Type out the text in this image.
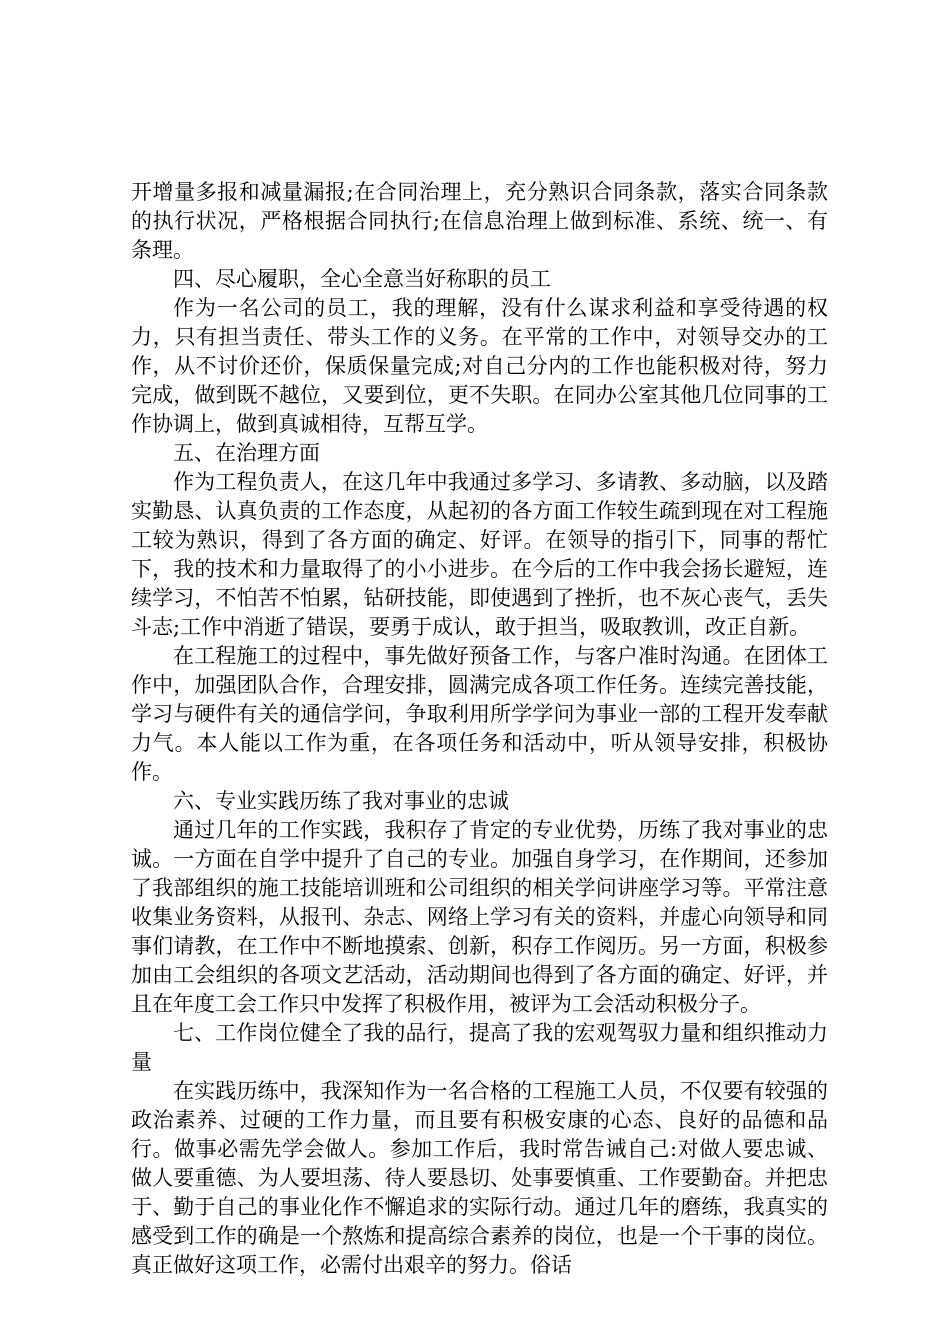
开增量多报和减量漏报;在合同治理上，充分熟识合同条款，落实合同条款的执行状况，严格根据合同执行;在信息治理上做到标准、系统、统一、有条理。

四、尽心履职，全心全意当好称职的员工

作为一名公司的员工，我的理解，没有什么谋求利益和享受待遇的权力，只有担当责任、带头工作的义务。在平常的工作中，对领导交办的工作，从不讨价还价，保质保量完成;对自己分内的工作也能积极对待，努力完成，做到既不越位，又要到位，更不失职。在同办公室其他几位同事的工作协调上，做到真诚相待，互帮互学。

五、在治理方面

作为工程负责人，在这几年中我通过多学习、多请教、多动脑，以及踏实勤恳、认真负责的工作态度，从起初的各方面工作较生疏到现在对工程施工较为熟识，得到了各方面的确定、好评。在领导的指引下，同事的帮忙下，我的技术和力量取得了的小小进步。在今后的工作中我会扬长避短，连续学习，不怕苦不怕累，钻研技能，即使遇到了挫折，也不灰心丧气，丢失斗志;工作中消逝了错误，要勇于成认，敢于担当，吸取教训，改正自新。

在工程施工的过程中，事先做好预备工作，与客户准时沟通。在团体工作中，加强团队合作，合理安排，圆满完成各项工作任务。连续完善技能，学习与硬件有关的通信学问，争取利用所学学问为事业一部的工程开发奉献力气。本人能以工作为重，在各项任务和活动中，听从领导安排，积极协作。

六、专业实践历练了我对事业的忠诚

通过几年的工作实践，我积存了肯定的专业优势，历练了我对事业的忠诚。一方面在自学中提升了自己的专业。加强自身学习，在作期间，还参加了我部组织的施工技能培训班和公司组织的相关学问讲座学习等。平常注意收集业务资料，从报刊、杂志、网络上学习有关的资料，并虚心向领导和同事们请教，在工作中不断地摸索、创新，积存工作阅历。另一方面，积极参加由工会组织的各项文艺活动，活动期间也得到了各方面的确定、好评，并且在年度工会工作只中发挥了积极作用，被评为工会活动积极分子。

七、工作岗位健全了我的品行，提高了我的宏观驾驭力量和组织推动力量

在实践历练中，我深知作为一名合格的工程施工人员，不仅要有较强的政治素养、过硬的工作力量，而且要有积极安康的心态、良好的品德和品行。做事必需先学会做人。参加工作后，我时常告诫自己:对做人要忠诚、做人要重德、为人要坦荡、待人要恳切、处事要慎重、工作要勤奋。并把忠于、勤于自己的事业化作不懈追求的实际行动。通过几年的磨练，我真实的感受到工作的确是一个熬炼和提高综合素养的岗位，也是一个干事的岗位。真正做好这项工作，必需付出艰辛的努力。俗话
